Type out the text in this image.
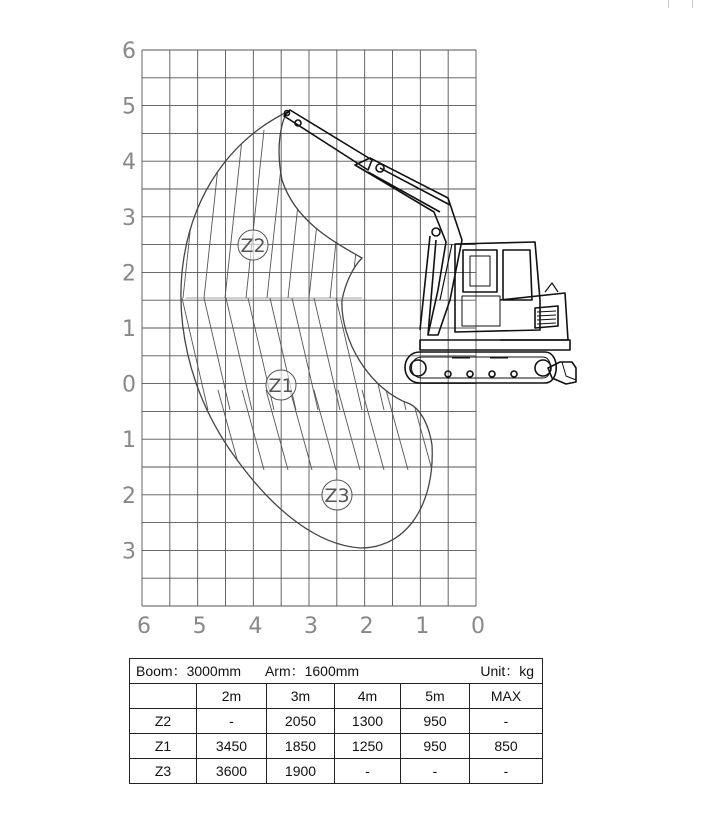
6 5 4 3 2 1 0
6
5
4
3
2
1
0
1
2
3
Z2
Z1
Z3
Boom：3000mm Arm：1600mm Unit：kg					

	2m	3m	4m	5m	MAX
Z2	-	2050	1300	950	-
Z1	3450	1850	1250	950	850
Z3	3600	1900	-	-	-
